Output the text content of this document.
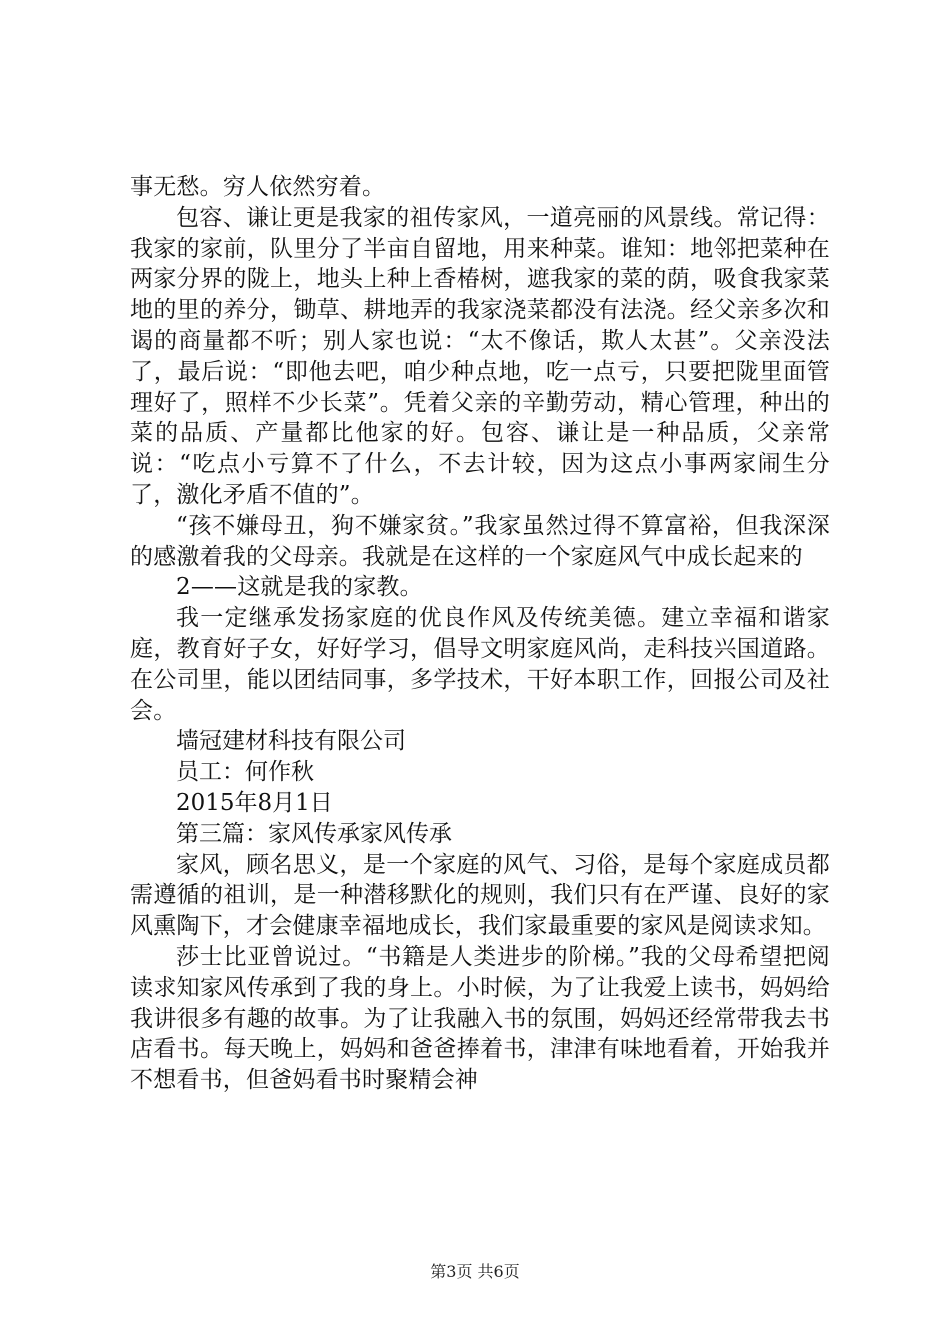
事无愁。穷人依然穷着。

包容、谦让更是我家的祖传家风，一道亮丽的风景线。常记得：我家的家前，队里分了半亩自留地，用来种菜。谁知：地邻把菜种在两家分界的陇上，地头上种上香椿树，遮我家的菜的荫，吸食我家菜地的里的养分，锄草、耕地弄的我家浇菜都没有法浇。经父亲多次和谒的商量都不听；别人家也说：“太不像话，欺人太甚”。父亲没法了，最后说：“即他去吧，咱少种点地，吃一点亏，只要把陇里面管理好了，照样不少长菜”。凭着父亲的辛勤劳动，精心管理，种出的菜的品质、产量都比他家的好。包容、谦让是一种品质，父亲常说：“吃点小亏算不了什么，不去计较，因为这点小事两家闹生分了，激化矛盾不值的”。

“孩不嫌母丑，狗不嫌家贫。”我家虽然过得不算富裕，但我深深的感激着我的父母亲。我就是在这样的一个家庭风气中成长起来的

2——这就是我的家教。

我一定继承发扬家庭的优良作风及传统美德。建立幸福和谐家庭，教育好子女，好好学习，倡导文明家庭风尚，走科技兴国道路。在公司里，能以团结同事，多学技术，干好本职工作，回报公司及社会。

墙冠建材科技有限公司

员工：何作秋

2015年8月1日

第三篇：家风传承家风传承

家风，顾名思义，是一个家庭的风气、习俗，是每个家庭成员都需遵循的祖训，是一种潜移默化的规则，我们只有在严谨、良好的家风熏陶下，才会健康幸福地成长，我们家最重要的家风是阅读求知。

莎士比亚曾说过。“书籍是人类进步的阶梯。”我的父母希望把阅读求知家风传承到了我的身上。小时候，为了让我爱上读书，妈妈给我讲很多有趣的故事。为了让我融入书的氛围，妈妈还经常带我去书店看书。每天晚上，妈妈和爸爸捧着书，津津有味地看着，开始我并不想看书，但爸妈看书时聚精会神

第3页 共6页
